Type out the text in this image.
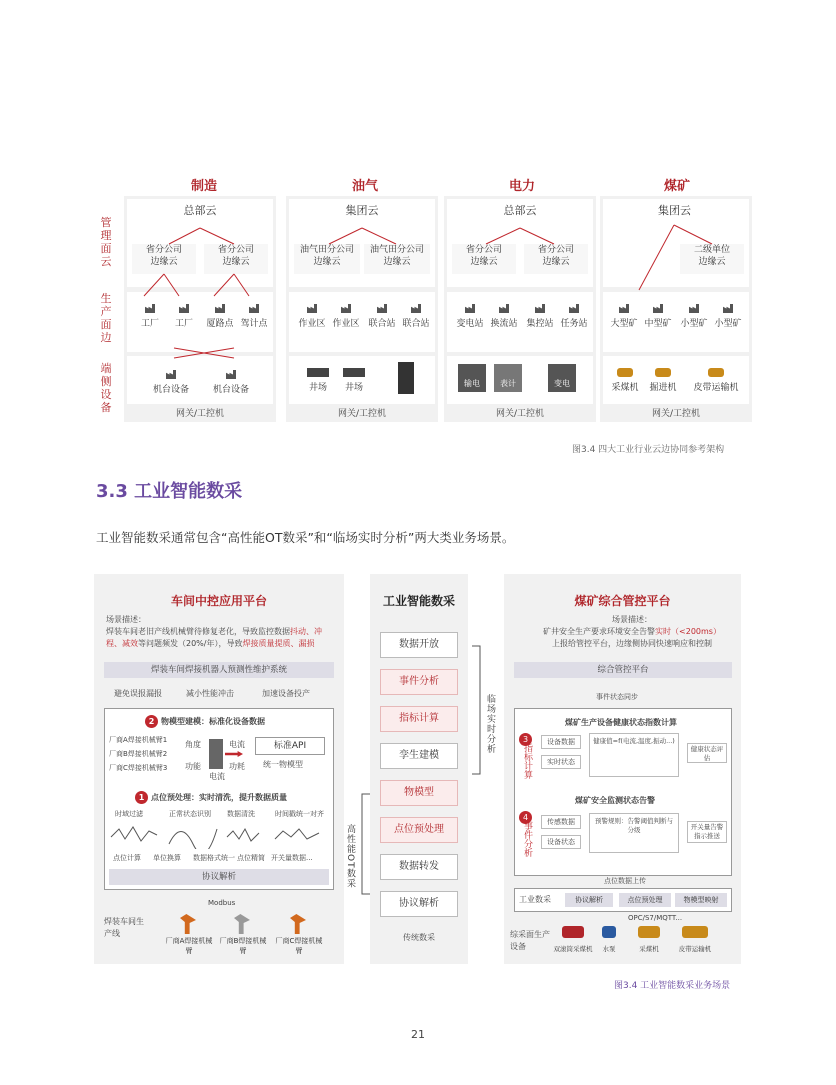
制造	油气	电力	煤矿
管理面云
生产面边
端侧设备
总部云
省分公司
边缘云
省分公司
边缘云

工厂	工厂	厦路点 驾计点

机台设备	机台设备
网关/工控机
集团云
油气田分公司
边缘云
油气田分公司
边缘云

作业区 作业区 联合站 联合站

井场	井场
网关/工控机
总部云
省分公司
边缘云
省分公司
边缘云

变电站 换流站 集控站 任务站
输电	表计	变电
网关/工控机
集团云
二级单位
边缘云

大型矿 中型矿 小型矿 小型矿

采煤机	掘进机	皮带运输机
网关/工控机
图3.4 四大工业行业云边协同参考架构
3.3 工业智能数采
工业智能数采通常包含“高性能OT数采”和“临场实时分析”两大类业务场景。
车间中控应用平台
场景描述：
焊装车间老旧产线机械臂待修复老化，导致监控数据抖动、冲程、减效等问题频发（20%/年），导致焊接质量提质、漏损
焊装车间焊接机器人预测性维护系统
避免误报漏报	减小性能冲击	加速设备投产
2 物模型建模：标准化设备数据
厂商A焊接机械臂1
厂商B焊接机械臂2
厂商C焊接机械臂3
角度
功能
电流
功耗
标准API
统一物模型
电流
1 点位预处理：实时清洗，提升数据质量
时域过滤	正常状态识别 数据清洗	时间戳统一对齐
点位计算 单位换算 数据格式统一 点位精简 开关量数据...
协议解析
焊装车间生产线
Modbus
厂商A焊接机械臂
厂商B焊接机械臂
厂商C焊接机械臂
工业智能数采
数据开放
事件分析
指标计算
孪生建模
物模型
点位预处理
数据转发
协议解析
传统数采
高性能OT数采
临场实时分析
煤矿综合管控平台
场景描述：
矿井安全生产要求环境安全告警实时（<200ms）
上报给管控平台，边缘侧协同快速响应和控制
综合管控平台
事件状态同步
煤矿生产设备健康状态指数计算
3
指标计算
设备数据
实时状态
健康值=f(电流,温度,振动...)
健康状态评估
煤矿安全监测状态告警
4
事件分析	传感数据
设备状态
预警规则：告警阈值判断与分级	开关量告警指示推送
点位数据上传
工业数采	协议解析	点位预处理	物模型映射
OPC/S7/MQTT...
综采面生产设备	双滚筒采煤机	水泵	采煤机	皮带运输机
图3.4 工业智能数采业务场景
21
